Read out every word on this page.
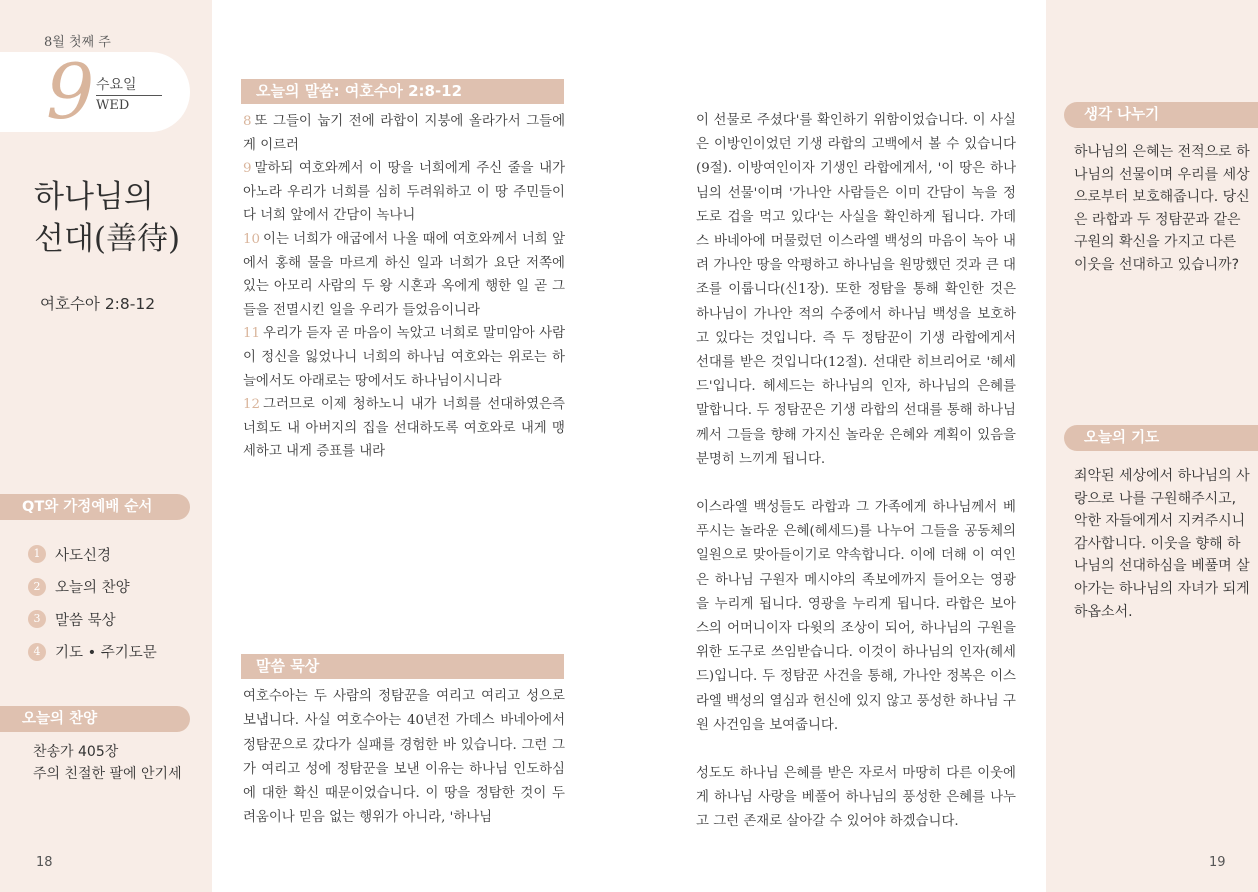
8월 첫째 주
9 수요일
WED
하나님의
선대(善待)
여호수아 2:8-12
QT와 가정예배 순서
1	사도신경
2	오늘의 찬양
3	말씀 묵상
4	기도 • 주기도문
오늘의 찬양
찬송가 405장
주의 친절한 팔에 안기세
18
오늘의 말씀: 여호수아 2:8-12

8 또 그들이 눕기 전에 라합이 지붕에 올라가서 그들에게 이르러

9 말하되 여호와께서 이 땅을 너희에게 주신 줄을 내가 아노라 우리가 너희를 심히 두려워하고 이 땅 주민들이 다 너희 앞에서 간담이 녹나니

10 이는 너희가 애굽에서 나올 때에 여호와께서 너희 앞에서 홍해 물을 마르게 하신 일과 너희가 요단 저쪽에 있는 아모리 사람의 두 왕 시혼과 옥에게 행한 일 곧 그들을 전멸시킨 일을 우리가 들었음이니라

11 우리가 듣자 곧 마음이 녹았고 너희로 말미암아 사람이 정신을 잃었나니 너희의 하나님 여호와는 위로는 하늘에서도 아래로는 땅에서도 하나님이시니라

12 그러므로 이제 청하노니 내가 너희를 선대하였은즉 너희도 내 아버지의 집을 선대하도록 여호와로 내게 맹세하고 내게 증표를 내라

말씀 묵상

여호수아는 두 사람의 정탐꾼을 여리고 여리고 성으로 보냅니다. 사실 여호수아는 40년전 가데스 바네아에서 정탐꾼으로 갔다가 실패를 경험한 바 있습니다. 그런 그가 여리고 성에 정탐꾼을 보낸 이유는 하나님 인도하심에 대한 확신 때문이었습니다. 이 땅을 정탐한 것이 두려움이나 믿음 없는 행위가 아니라, '하나님

이 선물로 주셨다'를 확인하기 위함이었습니다. 이 사실은 이방인이었던 기생 라합의 고백에서 볼 수 있습니다(9절). 이방여인이자 기생인 라합에게서, '이 땅은 하나님의 선물'이며 '가나안 사람들은 이미 간담이 녹을 정도로 겁을 먹고 있다'는 사실을 확인하게 됩니다. 가데스 바네아에 머물렀던 이스라엘 백성의 마음이 녹아 내려 가나안 땅을 악평하고 하나님을 원망했던 것과 큰 대조를 이룹니다(신1장). 또한 정탐을 통해 확인한 것은 하나님이 가나안 적의 수중에서 하나님 백성을 보호하고 있다는 것입니다. 즉 두 정탐꾼이 기생 라합에게서 선대를 받은 것입니다(12절). 선대란 히브리어로 '헤세드'입니다. 헤세드는 하나님의 인자, 하나님의 은혜를 말합니다. 두 정탐꾼은 기생 라합의 선대를 통해 하나님께서 그들을 향해 가지신 놀라운 은혜와 계획이 있음을 분명히 느끼게 됩니다.

이스라엘 백성들도 라합과 그 가족에게 하나님께서 베푸시는 놀라운 은혜(헤세드)를 나누어 그들을 공동체의 일원으로 맞아들이기로 약속합니다. 이에 더해 이 여인은 하나님 구원자 메시야의 족보에까지 들어오는 영광을 누리게 됩니다. 영광을 누리게 됩니다. 라합은 보아스의 어머니이자 다윗의 조상이 되어, 하나님의 구원을 위한 도구로 쓰임받습니다. 이것이 하나님의 인자(헤세드)입니다. 두 정탐꾼 사건을 통해, 가나안 정복은 이스라엘 백성의 열심과 헌신에 있지 않고 풍성한 하나님 구원 사건임을 보여줍니다.

성도도 하나님 은혜를 받은 자로서 마땅히 다른 이웃에게 하나님 사랑을 베풀어 하나님의 풍성한 은혜를 나누고 그런 존재로 살아갈 수 있어야 하겠습니다.

생각 나누기
하나님의 은혜는 전적으로 하나님의 선물이며 우리를 세상으로부터 보호해줍니다. 당신은 라합과 두 정탐꾼과 같은 구원의 확신을 가지고 다른 이웃을 선대하고 있습니까?
오늘의 기도
죄악된 세상에서 하나님의 사랑으로 나를 구원해주시고, 악한 자들에게서 지켜주시니 감사합니다. 이웃을 향해 하나님의 선대하심을 베풀며 살아가는 하나님의 자녀가 되게 하옵소서.
19
